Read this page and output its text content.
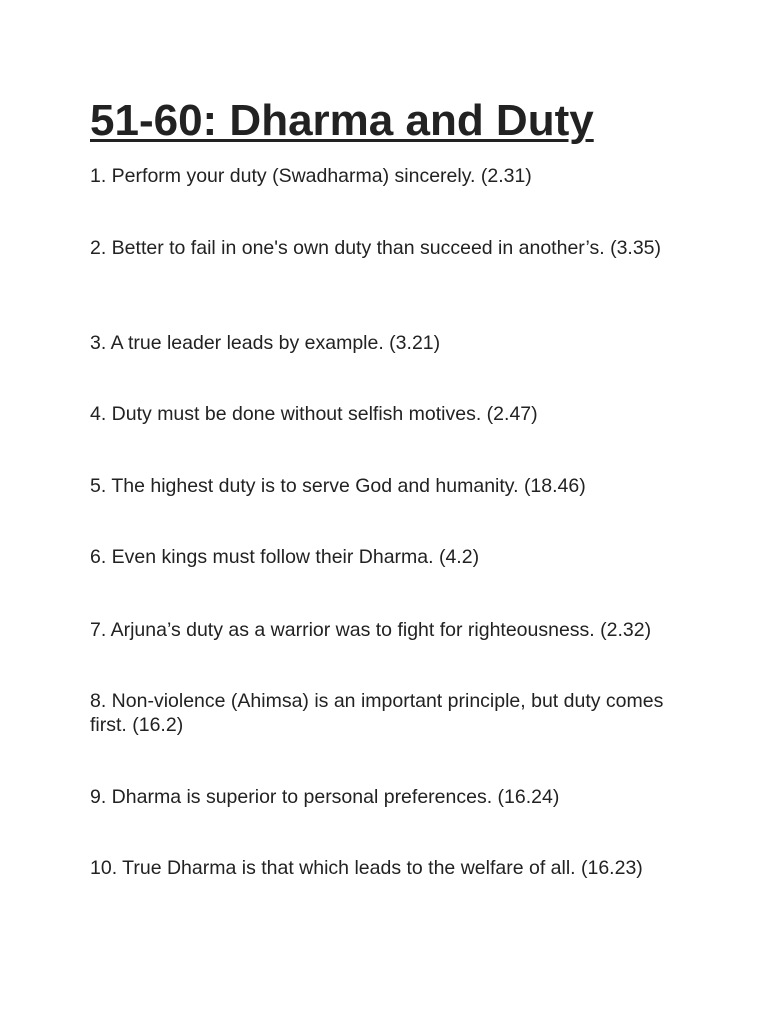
51-60: Dharma and Duty
1. Perform your duty (Swadharma) sincerely. (2.31)
2. Better to fail in one's own duty than succeed in another’s. (3.35)
3. A true leader leads by example. (3.21)
4. Duty must be done without selfish motives. (2.47)
5. The highest duty is to serve God and humanity. (18.46)
6. Even kings must follow their Dharma. (4.2)
7. Arjuna’s duty as a warrior was to fight for righteousness. (2.32)
8. Non-violence (Ahimsa) is an important principle, but duty comes first. (16.2)
9. Dharma is superior to personal preferences. (16.24)
10. True Dharma is that which leads to the welfare of all. (16.23)
